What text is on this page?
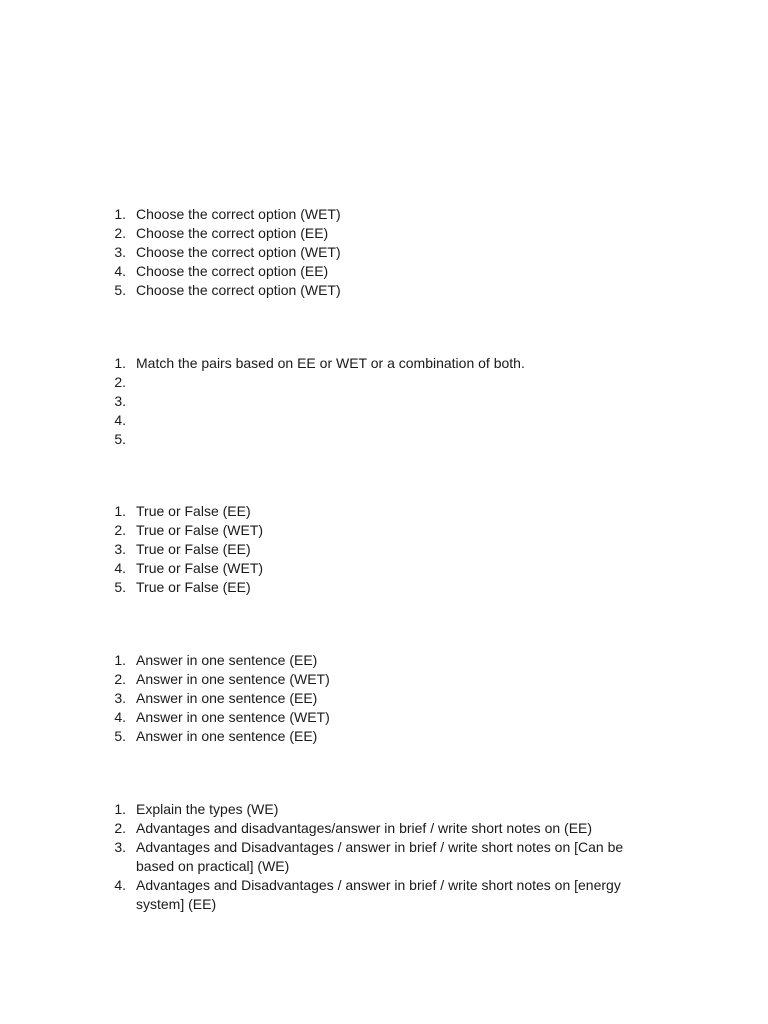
1. Choose the correct option (WET)
2. Choose the correct option (EE)
3. Choose the correct option (WET)
4. Choose the correct option (EE)
5. Choose the correct option (WET)
1. Match the pairs based on EE or WET or a combination of both.
2.
3.
4.
5.
1. True or False (EE)
2. True or False (WET)
3. True or False (EE)
4. True or False (WET)
5. True or False (EE)
1. Answer in one sentence (EE)
2. Answer in one sentence (WET)
3. Answer in one sentence (EE)
4. Answer in one sentence (WET)
5. Answer in one sentence (EE)
1. Explain the types (WE)
2. Advantages and disadvantages/answer in brief / write short notes on (EE)
3. Advantages and Disadvantages / answer in brief / write short notes on [Can be based on practical] (WE)
4. Advantages and Disadvantages / answer in brief / write short notes on [energy system] (EE)
